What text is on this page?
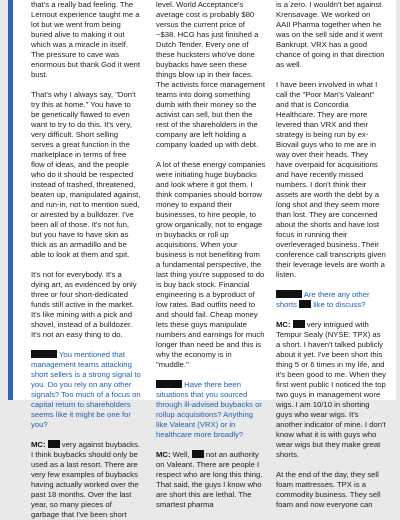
that's a really bad feeling. The Lernout experience taught me a lot but we went from being buried alive to making it out which was a miracle in itself. The pressure to cave was enormous but thank God it went bust.

That's why I always say, "Don't try this at home." You have to be genetically flawed to even want to try to do this. It's very, very difficult. Short selling serves a great function in the marketplace in terms of free flow of ideas, and the people who do it should be respected instead of trashed, threatened, beaten up, manipulated against, and run-in, not to mention sued, or arrested by a bulldozer. I've been all of those. It's not fun, but you have to have skin as thick as an armadillo and be able to look at them and spit.

It's not for everybody. It's a dying art, as evidenced by only three or four short-dedicated funds still active in the market. It's like mining with a pick and shovel, instead of a bulldozer. It's not an easy thing to do.

You mentioned that management teams attacking short sellers is a strong signal to you. Do you rely on any other signals? Too much of a focus on capital return to shareholders seems like it might be one for you?

MC: very against buybacks. I think buybacks should only be used as a last resort. There are very few examples of buybacks having actually worked over the past 18 months. Over the last year, so many pieces of garbage that I've been short

level. World Acceptance's average cost is probably $80 versus the current price of ~$38. HCG has just finished a Dutch Tender. Every one of these hucksters who've done buybacks have seen these things blow up in their faces. The activists force management teams into doing something dumb with their money so the activist can sell, but then the rest of the shareholders in the company are left holding a company loaded up with debt.

A lot of these energy companies were initiating huge buybacks and look where it got them. I think companies should borrow money to expand their businesses, to hire people, to grow organically, not to engage in buybacks or roll up acquisitions. When your business is not benefiting from a fundamental perspective, the last thing you're supposed to do is buy back stock. Financial engineering is a byproduct of low rates. Bad outfits need to and should fail. Cheap money lets these guys manipulate numbers and earnings for much longer than need be and this is why the economy is in "muddle."

Have there been situations that you sourced through ill-advised buybacks or rollup acquisitions? Anything like Valeant (VRX) or in healthcare more broadly?

MC: Well, not an authority on Valeant. There are people I respect who are long this thing. That said, the guys I know who are short this are lethal. The smartest pharma

is a zero. I wouldn't bet against Krensavage. We worked on AAII Pharma together when he was on the sell side and it went Bankrupt. VRX has a good chance of going in that direction as well.

I have been involved in what I call the "Poor Man's Valeant" and that is Concordia Healthcare. They are more levered than VRX and their strategy is being run by ex-Biovail guys who to me are in way over their heads. They have overpaid for acquisitions and have recently missed numbers. I don't think their assets are worth the debt by a long shot and they seem more than lost. They are concerned about the shorts and have lost focus in running their overleveraged business. Their conference call transcripts given their leverage levels are worth a listen.

Are there any other shorts like to discuss?

MC: very intrigued with Tempur Sealy (NYSE: TPX) as a short. I haven't talked publicly about it yet. I've been short this thing 5 or 6 times in my life, and it's been good to me. When they first went public I noticed the top two guys in management wore wigs. I am 10/10 in shorting guys who wear wigs. It's another indicator of mine. I don't know what it is with guys who wear wigs but they make great shorts.

At the end of the day, they sell foam mattresses. TPX is a commodity business. They sell foam and now everyone can
